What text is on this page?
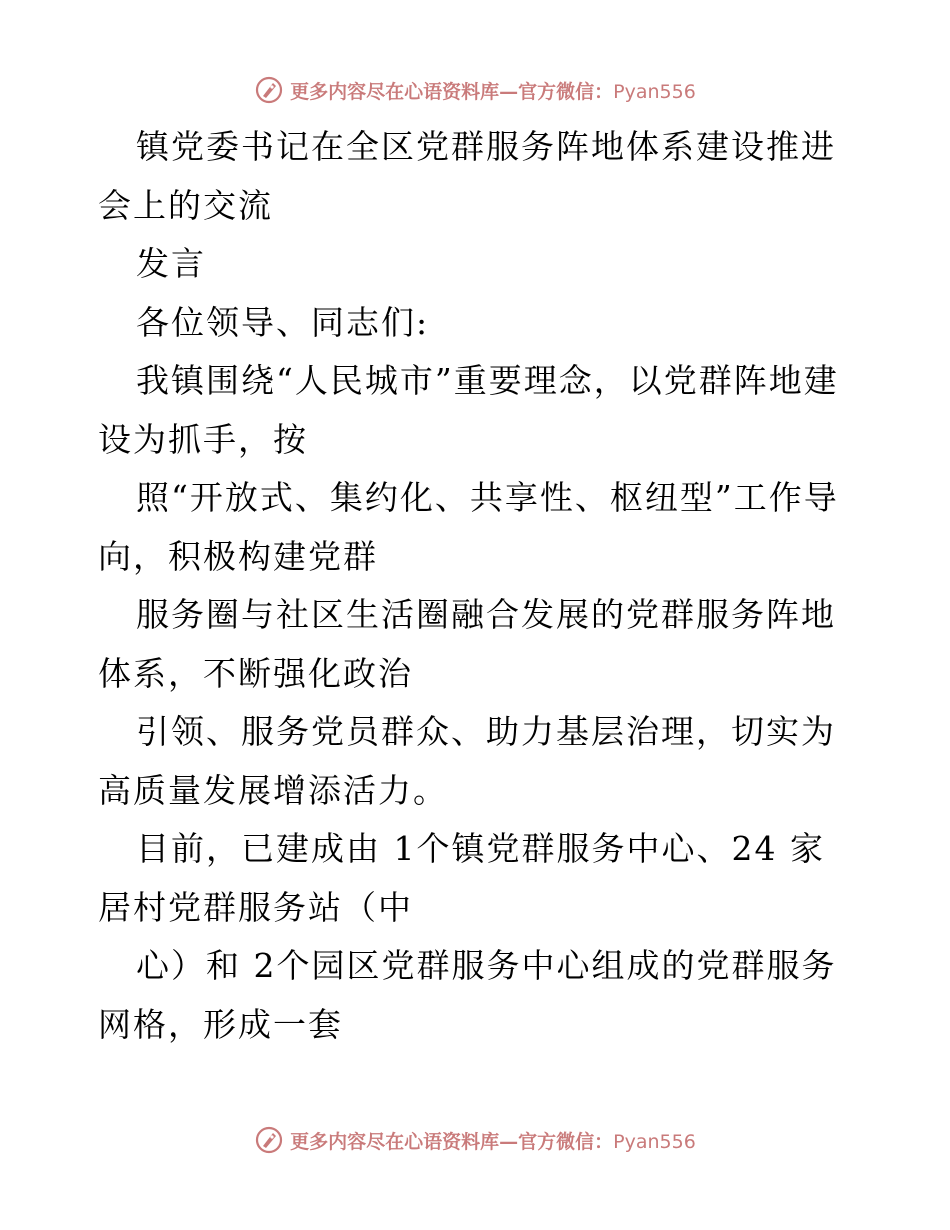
更多内容尽在心语资料库—官方微信：Pyan556

镇党委书记在全区党群服务阵地体系建设推进会上的交流

发言

各位领导、同志们:

我镇围绕“人民城市”重要理念，以党群阵地建设为抓手，按

照“开放式、集约化、共享性、枢纽型”工作导向，积极构建党群

服务圈与社区生活圈融合发展的党群服务阵地体系，不断强化政治

引领、服务党员群众、助力基层治理，切实为高质量发展增添活力。

目前，已建成由 1个镇党群服务中心、24 家居村党群服务站（中

心）和 2个园区党群服务中心组成的党群服务网格，形成一套

更多内容尽在心语资料库—官方微信：Pyan556
